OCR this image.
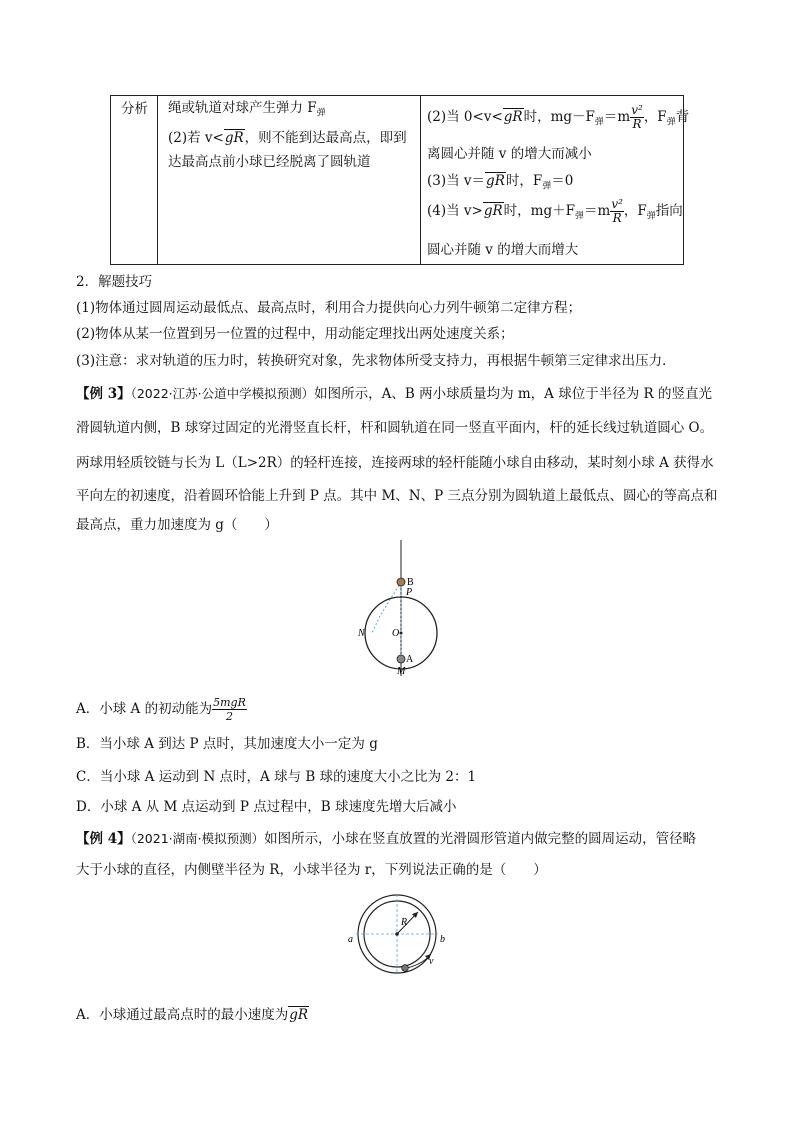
分析 绳或轨道对球产生弹力 $F_弹$
(2)若 v<gR，则不能到达最高点，即到
达最高点前小球已经脱离了圆轨道
(2)当 0<v<gR时，$mg-F_弹=m \frac{\text{v²}}{R}$ ，$F_弹$背
离圆心并随 v 的增大而减小
(3)当 v＝gR时，$F_弹=0$
(4)当 v>gR时，$mg+F_弹=m \frac{\text{v²}}{R}$ ，$F_弹$指向
圆心并随 v 的增大而增大
2．解题技巧
(1)物体通过圆周运动最低点、最高点时，利用合力提供向心力列牛顿第二定律方程；
(2)物体从某一位置到另一位置的过程中，用动能定理找出两处速度关系；
(3)注意：求对轨道的压力时，转换研究对象，先求物体所受支持力，再根据牛顿第三定律求出压力．
【例 3】（2022·江苏·公道中学模拟预测）如图所示，A、B 两小球质量均为 m，A 球位于半径为 R 的竖直光
滑圆轨道内侧，B 球穿过固定的光滑竖直长杆，杆和圆轨道在同一竖直平面内，杆的延长线过轨道圆心 O。
两球用轻质铰链与长为 L（L>2R）的轻杆连接，连接两球的轻杆能随小球自由移动，某时刻小球 A 获得水
平向左的初速度，沿着圆环恰能上升到 P 点。其中 M、N、P 三点分别为圆轨道上最低点、圆心的等高点和
最高点，重力加速度为 g（　　）
B
P
N	O
A
M
A．小球 A 的初动能为 $\frac{\text{5mgR}}{2}$
B．当小球 A 到达 P 点时，其加速度大小一定为 g
C．当小球 A 运动到 N 点时，A 球与 B 球的速度大小之比为 2：1
D．小球 A 从 M 点运动到 P 点过程中，B 球速度先增大后减小
【例 4】（2021·湖南·模拟预测）如图所示，小球在竖直放置的光滑圆形管道内做完整的圆周运动，管径略
大于小球的直径，内侧壁半径为 R，小球半径为 r，下列说法正确的是（　　）
R
a	b
v
A．小球通过最高点时的最小速度为gR
